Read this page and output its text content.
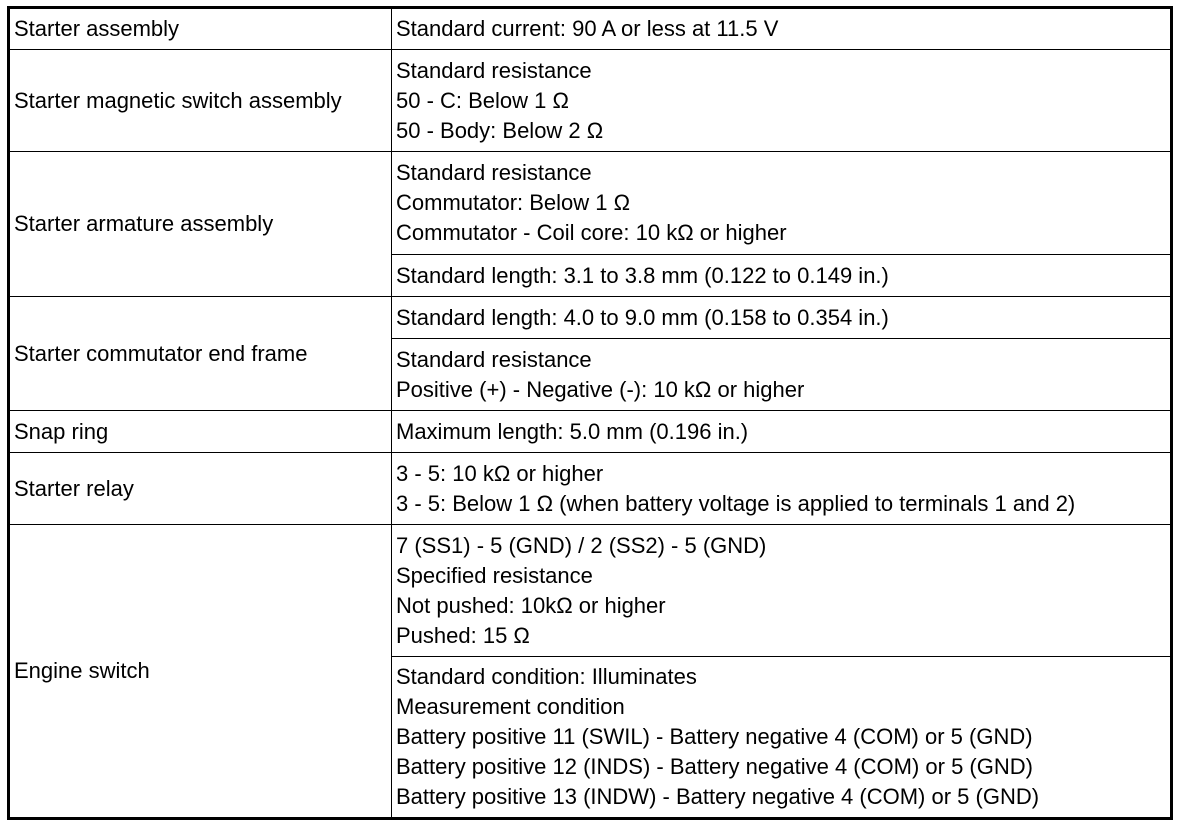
Starter assembly	Standard current: 90 A or less at 11.5 V

Starter magnetic switch assembly	Standard resistance
50 - C: Below 1 Ω
50 - Body: Below 2 Ω

Starter armature assembly	Standard resistance
Commutator: Below 1 Ω
Commutator - Coil core: 10 kΩ or higher

	Standard length: 3.1 to 3.8 mm (0.122 to 0.149 in.)

Starter commutator end frame	Standard length: 4.0 to 9.0 mm (0.158 to 0.354 in.)

	Standard resistance
Positive (+) - Negative (-): 10 kΩ or higher

Snap ring	Maximum length: 5.0 mm (0.196 in.)

Starter relay	3 - 5: 10 kΩ or higher
3 - 5: Below 1 Ω (when battery voltage is applied to terminals 1 and 2)

Engine switch	7 (SS1) - 5 (GND) / 2 (SS2) - 5 (GND)
Specified resistance
Not pushed: 10kΩ or higher
Pushed: 15 Ω

	Standard condition: Illuminates
Measurement condition
Battery positive 11 (SWIL) - Battery negative 4 (COM) or 5 (GND)
Battery positive 12 (INDS) - Battery negative 4 (COM) or 5 (GND)
Battery positive 13 (INDW) - Battery negative 4 (COM) or 5 (GND)
